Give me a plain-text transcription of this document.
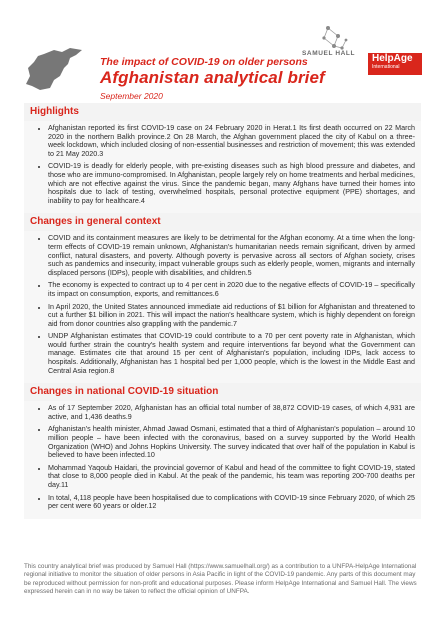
SAMUEL HALL	HelpAge
International
The impact of COVID-19 on older persons
Afghanistan analytical brief
September 2020
Highlights
• Afghanistan reported its first COVID-19 case on 24 February 2020 in Herat.1 Its first death occurred on 22 March 2020 in the northern Balkh province.2 On 28 March, the Afghan government placed the city of Kabul on a three-week lockdown, which included closing of non-essential businesses and restriction of movement; this was extended to 21 May 2020.3
• COVID-19 is deadly for elderly people, with pre-existing diseases such as high blood pressure and diabetes, and those who are immuno-compromised. In Afghanistan, people largely rely on home treatments and herbal medicines, which are not effective against the virus. Since the pandemic began, many Afghans have turned their homes into hospitals due to lack of testing, overwhelmed hospitals, personal protective equipment (PPE) shortages, and inability to pay for healthcare.4
Changes in general context
• COVID and its containment measures are likely to be detrimental for the Afghan economy. At a time when the long-term effects of COVID-19 remain unknown, Afghanistan's humanitarian needs remain significant, driven by armed conflict, natural disasters, and poverty. Although poverty is pervasive across all sectors of Afghan society, crises such as pandemics and insecurity, impact vulnerable groups such as elderly people, women, migrants and internally displaced persons (IDPs), people with disabilities, and children.5
• The economy is expected to contract up to 4 per cent in 2020 due to the negative effects of COVID-19 – specifically its impact on consumption, exports, and remittances.6
• In April 2020, the United States announced immediate aid reductions of $1 billion for Afghanistan and threatened to cut a further $1 billion in 2021. This will impact the nation's healthcare system, which is highly dependent on foreign aid from donor countries also grappling with the pandemic.7
• UNDP Afghanistan estimates that COVID-19 could contribute to a 70 per cent poverty rate in Afghanistan, which would further strain the country's health system and require interventions far beyond what the Government can manage. Estimates cite that around 15 per cent of Afghanistan's population, including IDPs, lack access to hospitals. Additionally, Afghanistan has 1 hospital bed per 1,000 people, which is the lowest in the Middle East and Central Asia region.8
Changes in national COVID-19 situation
• As of 17 September 2020, Afghanistan has an official total number of 38,872 COVID-19 cases, of which 4,931 are active, and 1,436 deaths.9
• Afghanistan's health minister, Ahmad Jawad Osmani, estimated that a third of Afghanistan's population – around 10 million people – have been infected with the coronavirus, based on a survey supported by the World Health Organization (WHO) and Johns Hopkins University. The survey indicated that over half of the population in Kabul is believed to have been infected.10
• Mohammad Yaqoub Haidari, the provincial governor of Kabul and head of the committee to fight COVID-19, stated that close to 8,000 people died in Kabul. At the peak of the pandemic, his team was reporting 200-700 deaths per day.11
• In total, 4,118 people have been hospitalised due to complications with COVID-19 since February 2020, of which 25 per cent were 60 years or older.12
This country analytical brief was produced by Samuel Hall (https://www.samuelhall.org/) as a contribution to a UNFPA-HelpAge International regional initiative to monitor the situation of older persons in Asia Pacific in light of the COVID-19 pandemic. Any parts of this document may be reproduced without permission for non-profit and educational purposes. Please inform HelpAge International and Samuel Hall. The views expressed herein can in no way be taken to reflect the official opinion of UNFPA.
